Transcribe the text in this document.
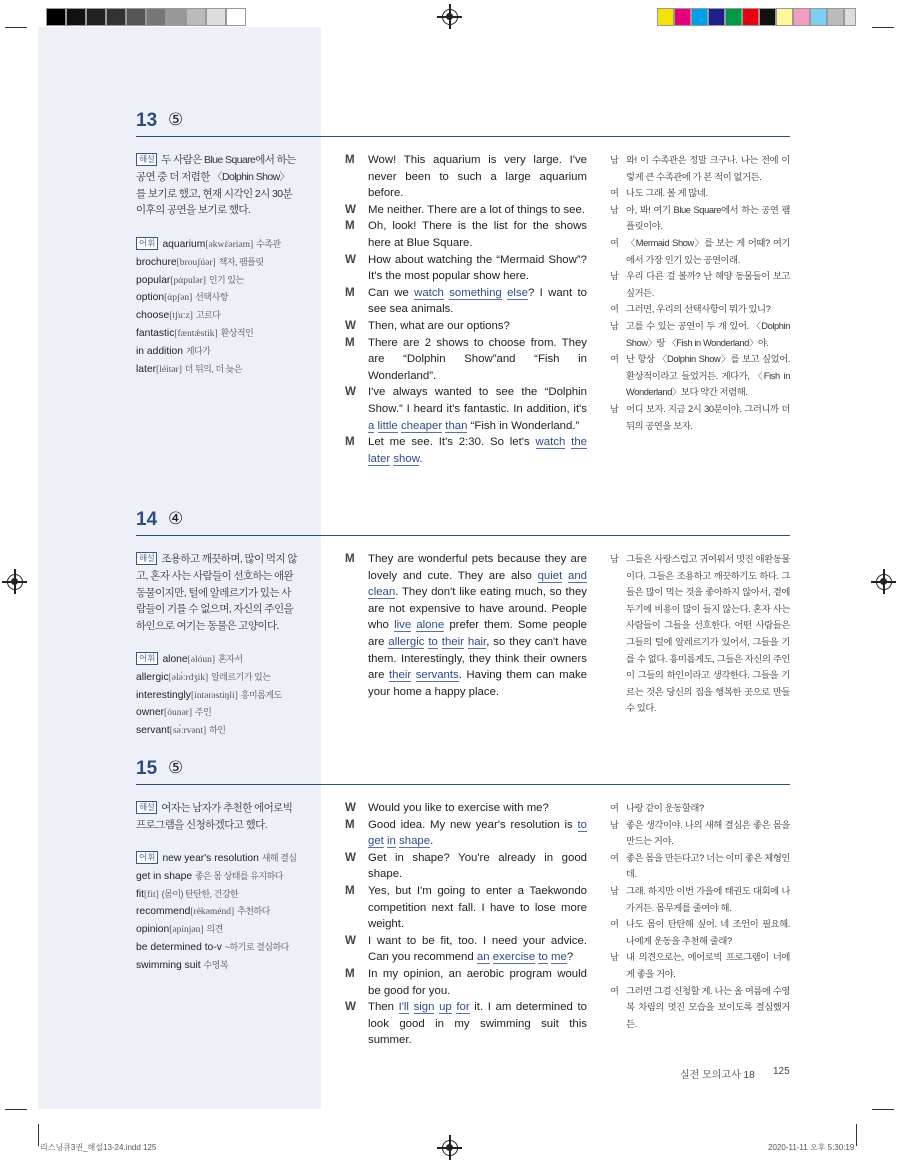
13 ⑤
해설 두 사람은 Blue Square에서 하는 공연 중 더 저렴한 〈Dolphin Show〉를 보기로 했고, 현재 시각인 2시 30분 이후의 공연을 보기로 했다.
어휘 aquarium[əkwέəriəm] 수족관
brochure[brouʃúər] 책자, 팸플릿
popular[pάpulər] 인기 있는
option[άpʃən] 선택사항
choose[tʃuːz] 고르다
fantastic[fæntǽstik] 환상적인
in addition 게다가
later[léitər] 더 뒤의, 더 늦은
M Wow! This aquarium is very large. I've never been to such a large aquarium before.
W Me neither. There are a lot of things to see.
M Oh, look! There is the list for the shows here at Blue Square.
W How about watching the “Mermaid Show”? It's the most popular show here.
M Can we watch something else? I want to see sea animals.
W Then, what are our options?
M There are 2 shows to choose from. They are “Dolphin Show”and “Fish in Wonderland”.
W I've always wanted to see the “Dolphin Show.” I heard it's fantastic. In addition, it's a little cheaper than “Fish in Wonderland.”
M Let me see. It's 2:30. So let's watch the later show.
남 와! 이 수족관은 정말 크구나. 나는 전에 이렇게 큰 수족관에 가 본 적이 없거든.
여 나도 그래. 볼 게 많네.
남 아, 봐! 여기 Blue Square에서 하는 공연 팸플릿이야.
여 〈Mermaid Show〉를 보는 게 어때? 여기에서 가장 인기 있는 공연이래.
남 우리 다른 걸 볼까? 난 해양 동물들이 보고 싶거든.
여 그러면, 우리의 선택사항이 뭐가 있니?
남 고를 수 있는 공연이 두 개 있어. 〈Dolphin Show〉랑 〈Fish in Wonderland〉야.
여 난 항상 〈Dolphin Show〉를 보고 싶었어. 환상적이라고 들었거든. 게다가, 〈Fish in Wonderland〉보다 약간 저렴해.
남 어디 보자. 지금 2시 30분이야. 그러니까 더 뒤의 공연을 보자.
14 ④
해설 조용하고 깨끗하며, 많이 먹지 않고, 혼자 사는 사람들이 선호하는 애완동물이지만, 털에 알레르기가 있는 사람들이 기를 수 없으며, 자신의 주인을 하인으로 여기는 동물은 고양이다.
어휘 alone[əlóun] 혼자서
allergic[ələ́ːrdʒik] 알레르기가 있는
interestingly[íntərəstiŋli] 흥미롭게도
owner[óunər] 주인
servant[sə́ːrvənt] 하인
M They are wonderful pets because they are lovely and cute. They are also quiet and clean. They don't like eating much, so they are not expensive to have around. People who live alone prefer them. Some people are allergic to their hair, so they can't have them. Interestingly, they think their owners are their servants. Having them can make your home a happy place.
남 그들은 사랑스럽고 귀여워서 멋진 애완동물이다. 그들은 조용하고 깨끗하기도 하다. 그들은 많이 먹는 것을 좋아하지 않아서, 곁에 두기에 비용이 많이 들지 않는다. 혼자 사는 사람들이 그들을 선호한다. 어떤 사람들은 그들의 털에 알레르기가 있어서, 그들을 기를 수 없다. 흥미롭게도, 그들은 자신의 주인이 그들의 하인이라고 생각한다. 그들을 기르는 것은 당신의 집을 행복한 곳으로 만들 수 있다.
15 ⑤
해설 여자는 남자가 추천한 에어로빅 프로그램을 신청하겠다고 했다.
어휘 new year's resolution 새해 결심
get in shape 좋은 몸 상태를 유지하다
fit[fit] (몸이) 탄탄한, 건강한
recommend[rèkəménd] 추천하다
opinion[əpínjən] 의견
be determined to-v ~하기로 결심하다
swimming suit 수영복
W Would you like to exercise with me?
M Good idea. My new year's resolution is to get in shape.
W Get in shape? You're already in good shape.
M Yes, but I'm going to enter a Taekwondo competition next fall. I have to lose more weight.
W I want to be fit, too. I need your advice. Can you recommend an exercise to me?
M In my opinion, an aerobic program would be good for you.
W Then I'll sign up for it. I am determined to look good in my swimming suit this summer.
여 나랑 같이 운동할래?
남 좋은 생각이야. 나의 새해 결심은 좋은 몸을 만드는 거야.
여 좋은 몸을 만든다고? 너는 이미 좋은 체형인데.
남 그래. 하지만 이번 가을에 태권도 대회에 나가거든. 몸무게를 줄여야 해.
여 나도 몸이 탄탄해 싶어. 네 조언이 필요해. 나에게 운동을 추천해 줄래?
남 내 의견으로는, 에어로빅 프로그램이 너에게 좋을 거야.
여 그러면 그걸 신청할 게. 나는 올 여름에 수영복 차림의 멋진 모습을 보이도록 결심했거든.
실전 모의고사 18 125
리스닝큐3권_해설13-24.indd 125	2020-11-11 오후 5:30:19
